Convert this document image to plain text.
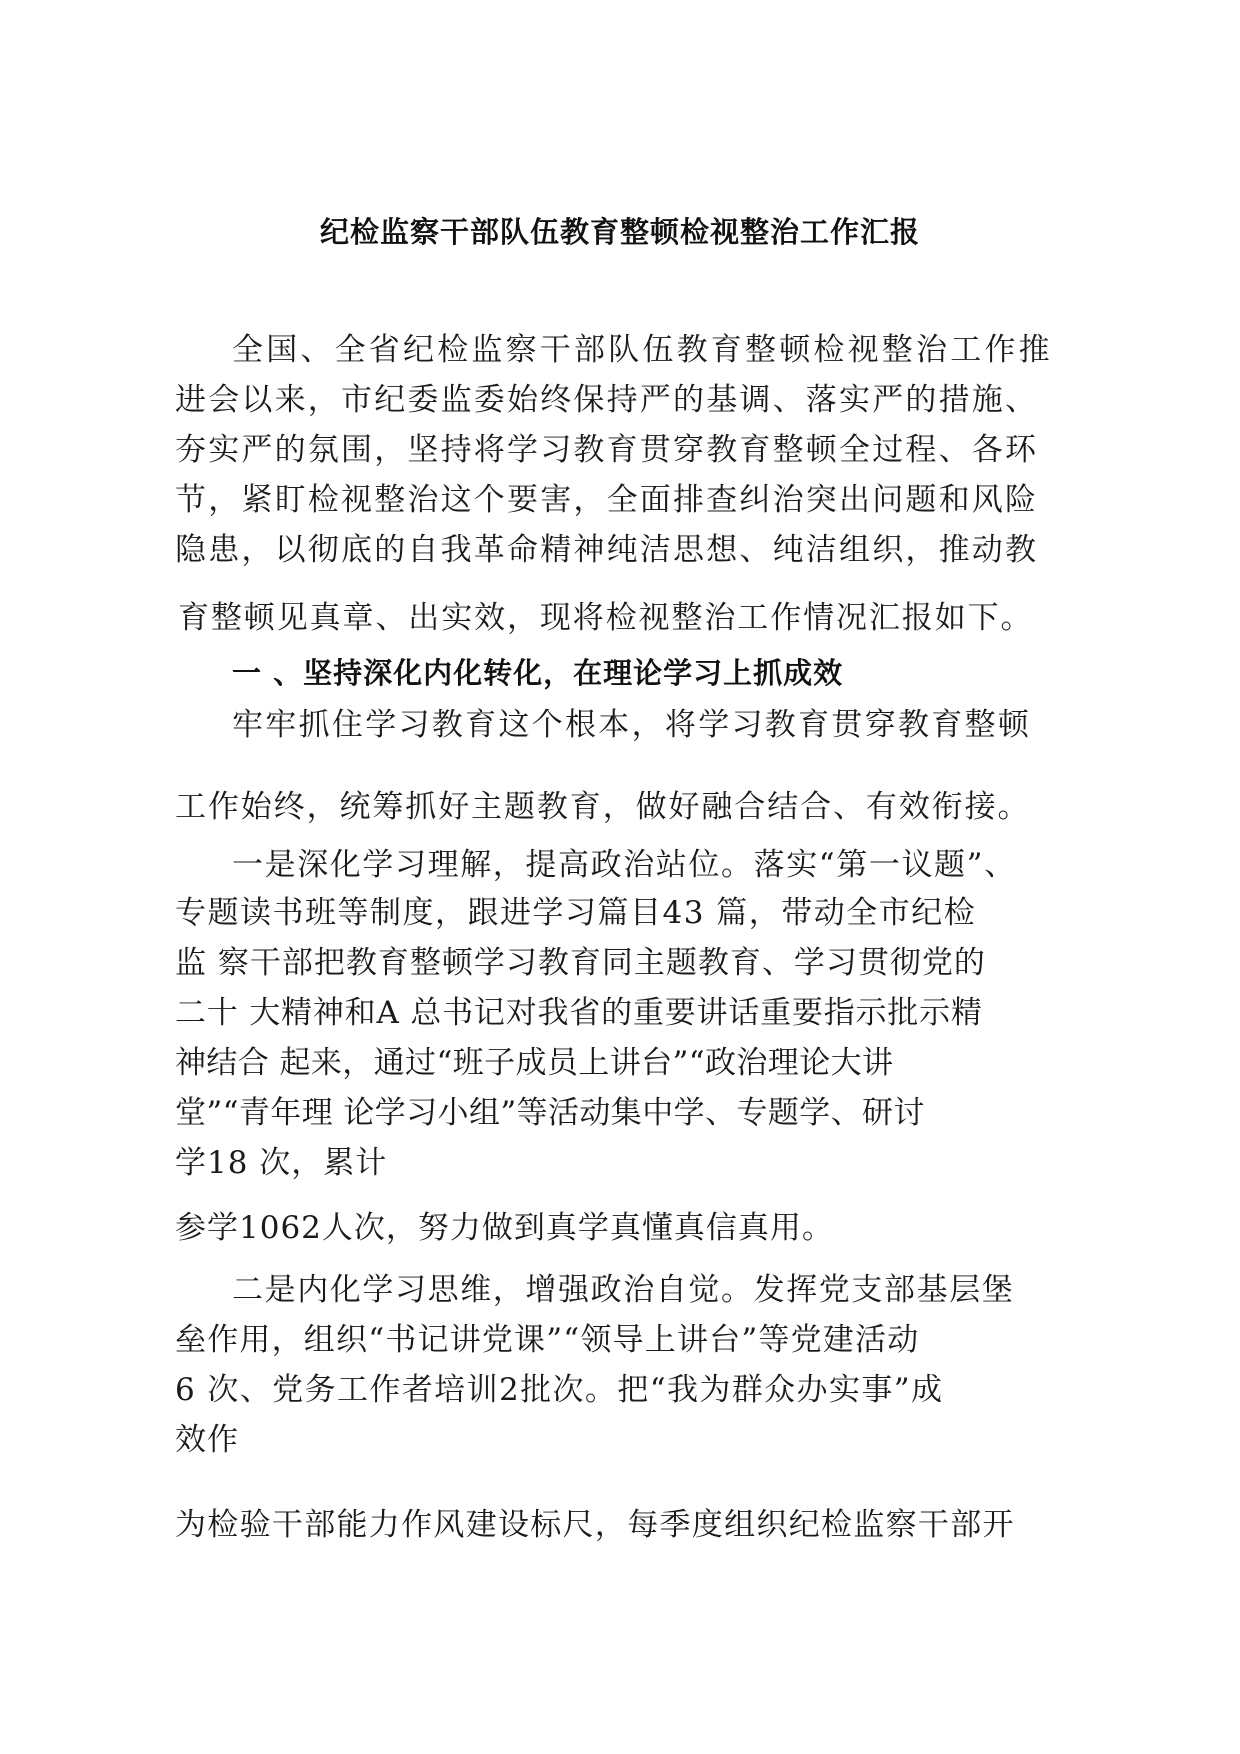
纪检监察干部队伍教育整顿检视整治工作汇报
全国、全省纪检监察干部队伍教育整顿检视整治工作推
进会以来，市纪委监委始终保持严的基调、落实严的措施、
夯实严的氛围，坚持将学习教育贯穿教育整顿全过程、各环
节，紧盯检视整治这个要害，全面排查纠治突出问题和风险
隐患，以彻底的自我革命精神纯洁思想、纯洁组织，推动教
育整顿见真章、出实效，现将检视整治工作情况汇报如下。
一 、坚持深化内化转化，在理论学习上抓成效
牢牢抓住学习教育这个根本，将学习教育贯穿教育整顿
工作始终，统筹抓好主题教育，做好融合结合、有效衔接。
一是深化学习理解，提高政治站位。落实“第一议题”、
专题读书班等制度，跟进学习篇目43 篇，带动全市纪检
监 察干部把教育整顿学习教育同主题教育、学习贯彻党的
二十 大精神和A 总书记对我省的重要讲话重要指示批示精
神结合 起来，通过“班子成员上讲台”“政治理论大讲
堂”“青年理 论学习小组”等活动集中学、专题学、研讨
学18 次，累计
参学1062人次，努力做到真学真懂真信真用。
二是内化学习思维，增强政治自觉。发挥党支部基层堡
垒作用，组织“书记讲党课”“领导上讲台”等党建活动
6 次、党务工作者培训2批次。把“我为群众办实事”成
效作
为检验干部能力作风建设标尺，每季度组织纪检监察干部开
